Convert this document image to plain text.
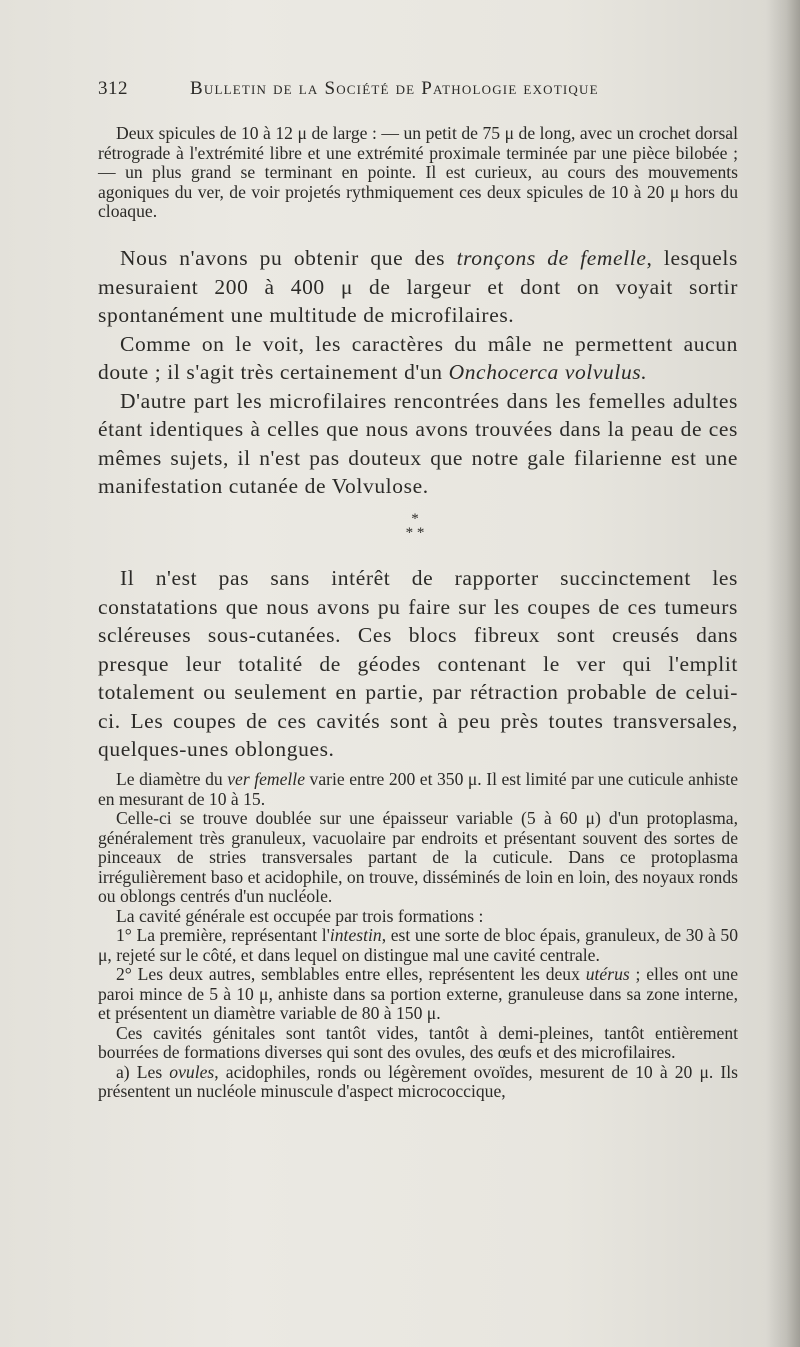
312	Bulletin de la Société de Pathologie exotique

Deux spicules de 10 à 12 μ de large : — un petit de 75 μ de long, avec un crochet dorsal rétrograde à l'extrémité libre et une extrémité proximale terminée par une pièce bilobée ; — un plus grand se terminant en pointe. Il est curieux, au cours des mouvements agoniques du ver, de voir projetés rythmiquement ces deux spicules de 10 à 20 μ hors du cloaque.

Nous n'avons pu obtenir que des tronçons de femelle, lesquels mesuraient 200 à 400 μ de largeur et dont on voyait sortir spontanément une multitude de microfilaires.

Comme on le voit, les caractères du mâle ne permettent aucun doute ; il s'agit très certainement d'un Onchocerca volvulus.

D'autre part les microfilaires rencontrées dans les femelles adultes étant identiques à celles que nous avons trouvées dans la peau de ces mêmes sujets, il n'est pas douteux que notre gale filarienne est une manifestation cutanée de Volvulose.

*
* *

Il n'est pas sans intérêt de rapporter succinctement les constatations que nous avons pu faire sur les coupes de ces tumeurs scléreuses sous-cutanées. Ces blocs fibreux sont creusés dans presque leur totalité de géodes contenant le ver qui l'emplit totalement ou seulement en partie, par rétraction probable de celui-ci. Les coupes de ces cavités sont à peu près toutes transversales, quelques-unes oblongues.

Le diamètre du ver femelle varie entre 200 et 350 μ. Il est limité par une cuticule anhiste en mesurant de 10 à 15.

Celle-ci se trouve doublée sur une épaisseur variable (5 à 60 μ) d'un protoplasma, généralement très granuleux, vacuolaire par endroits et présentant souvent des sortes de pinceaux de stries transversales partant de la cuticule. Dans ce protoplasma irrégulièrement baso et acidophile, on trouve, disséminés de loin en loin, des noyaux ronds ou oblongs centrés d'un nucléole.

La cavité générale est occupée par trois formations :

1° La première, représentant l'intestin, est une sorte de bloc épais, granuleux, de 30 à 50 μ, rejeté sur le côté, et dans lequel on distingue mal une cavité centrale.

2° Les deux autres, semblables entre elles, représentent les deux utérus ; elles ont une paroi mince de 5 à 10 μ, anhiste dans sa portion externe, granuleuse dans sa zone interne, et présentent un diamètre variable de 80 à 150 μ.

Ces cavités génitales sont tantôt vides, tantôt à demi-pleines, tantôt entièrement bourrées de formations diverses qui sont des ovules, des œufs et des microfilaires.

a) Les ovules, acidophiles, ronds ou légèrement ovoïdes, mesurent de 10 à 20 μ. Ils présentent un nucléole minuscule d'aspect micrococcique,
